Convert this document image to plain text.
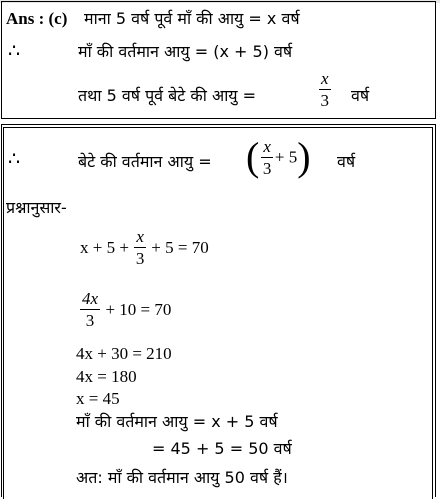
Ans : (c) माना 5 वर्ष पूर्व माँ की आयु = x वर्ष
∴	माँ की वर्तमान आयु = (x + 5) वर्ष
तथा 5 वर्ष पूर्व बेटे की आयु =	$\frac{x}{3}$ वर्ष
∴	बेटे की वर्तमान आयु = ( $\frac{x}{3} + 5$) वर्ष
प्रश्नानुसार-
$x + 5 + \frac{x}{3} + 5 = 70$
$\frac{4x}{3} + 10 = 70$
4x + 30 = 210
4x = 180
x = 45
माँ की वर्तमान आयु = x + 5 वर्ष
= 45 + 5 = 50 वर्ष
अत: माँ की वर्तमान आयु 50 वर्ष हैं।
